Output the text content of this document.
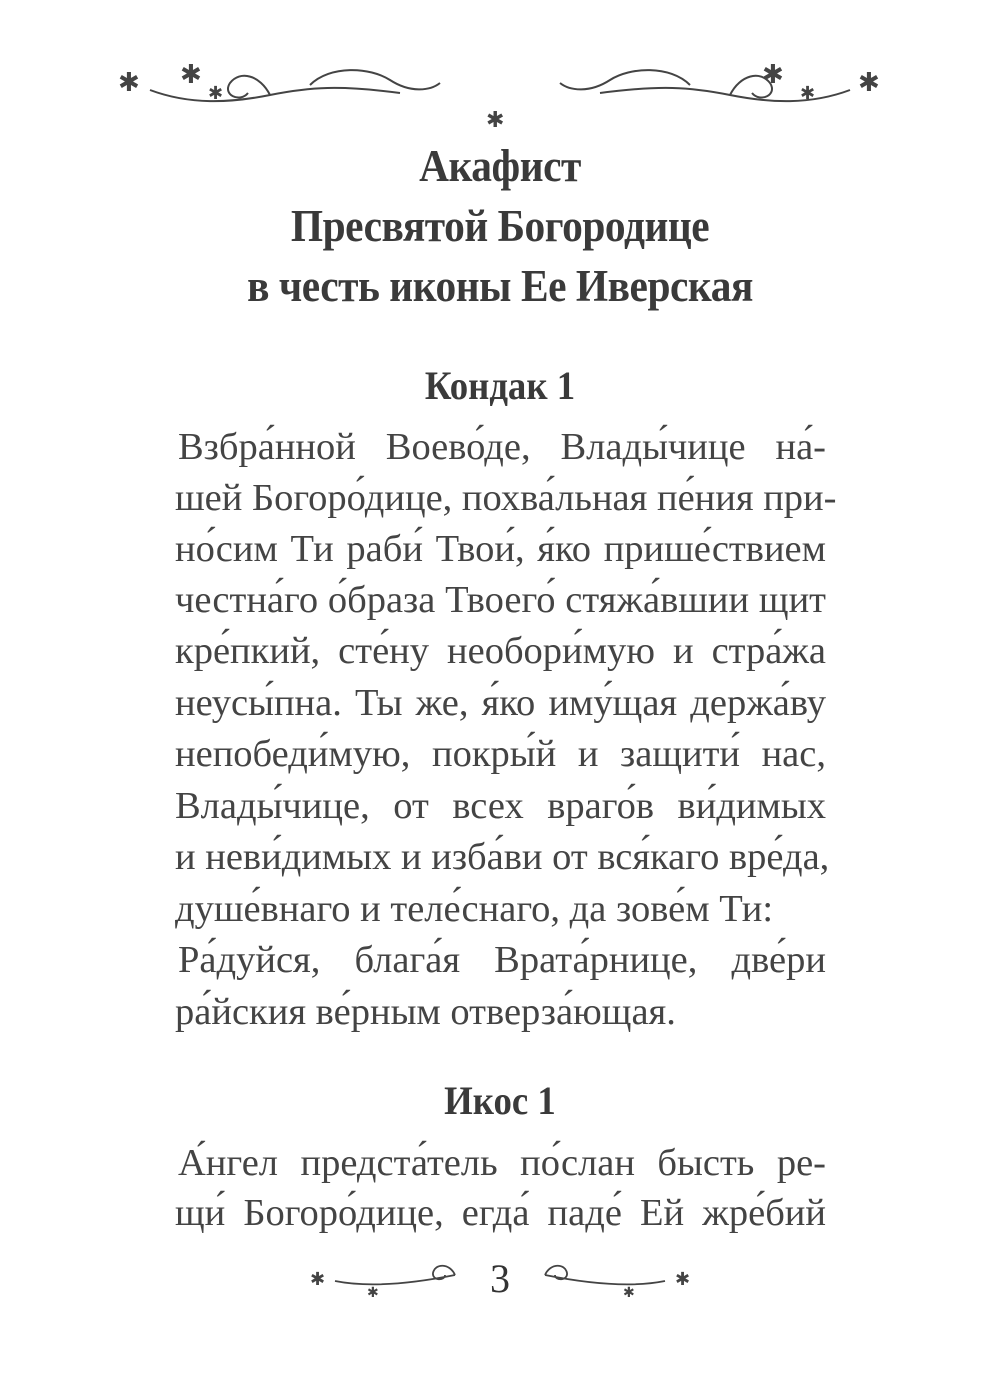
✱ ✱
✱
✱
✱ ✱
✱
Акафист
Пресвятой Богородице
в честь иконы Ее Иверская
Кондак 1
Взбра́нной Воево́де, Влады́чице на́-
шей Богоро́дице, похва́льная пе́ния при-
но́сим Ти раби́ Твои́, я́ко прише́ствием
честна́го о́браза Твоего́ стяжа́вшии щит
кре́пкий, сте́ну необори́мую и стра́жа
неусы́пна. Ты же, я́ко иму́щая держа́ву
непобеди́мую, покры́й и защити́ нас,
Влады́чице, от всех враго́в ви́димых
и неви́димых и изба́ви от вся́каго вре́да,
душе́внаго и теле́снаго, да зове́м Ти:
Ра́дуйся, блага́я Врата́рнице, две́ри
ра́йския ве́рным отверза́ющая.
Икос 1
А́нгел предста́тель по́слан бысть ре-
щи́ Богоро́дице, егда́ паде́ Ей жре́бий
✱
✱
✱
✱
3
